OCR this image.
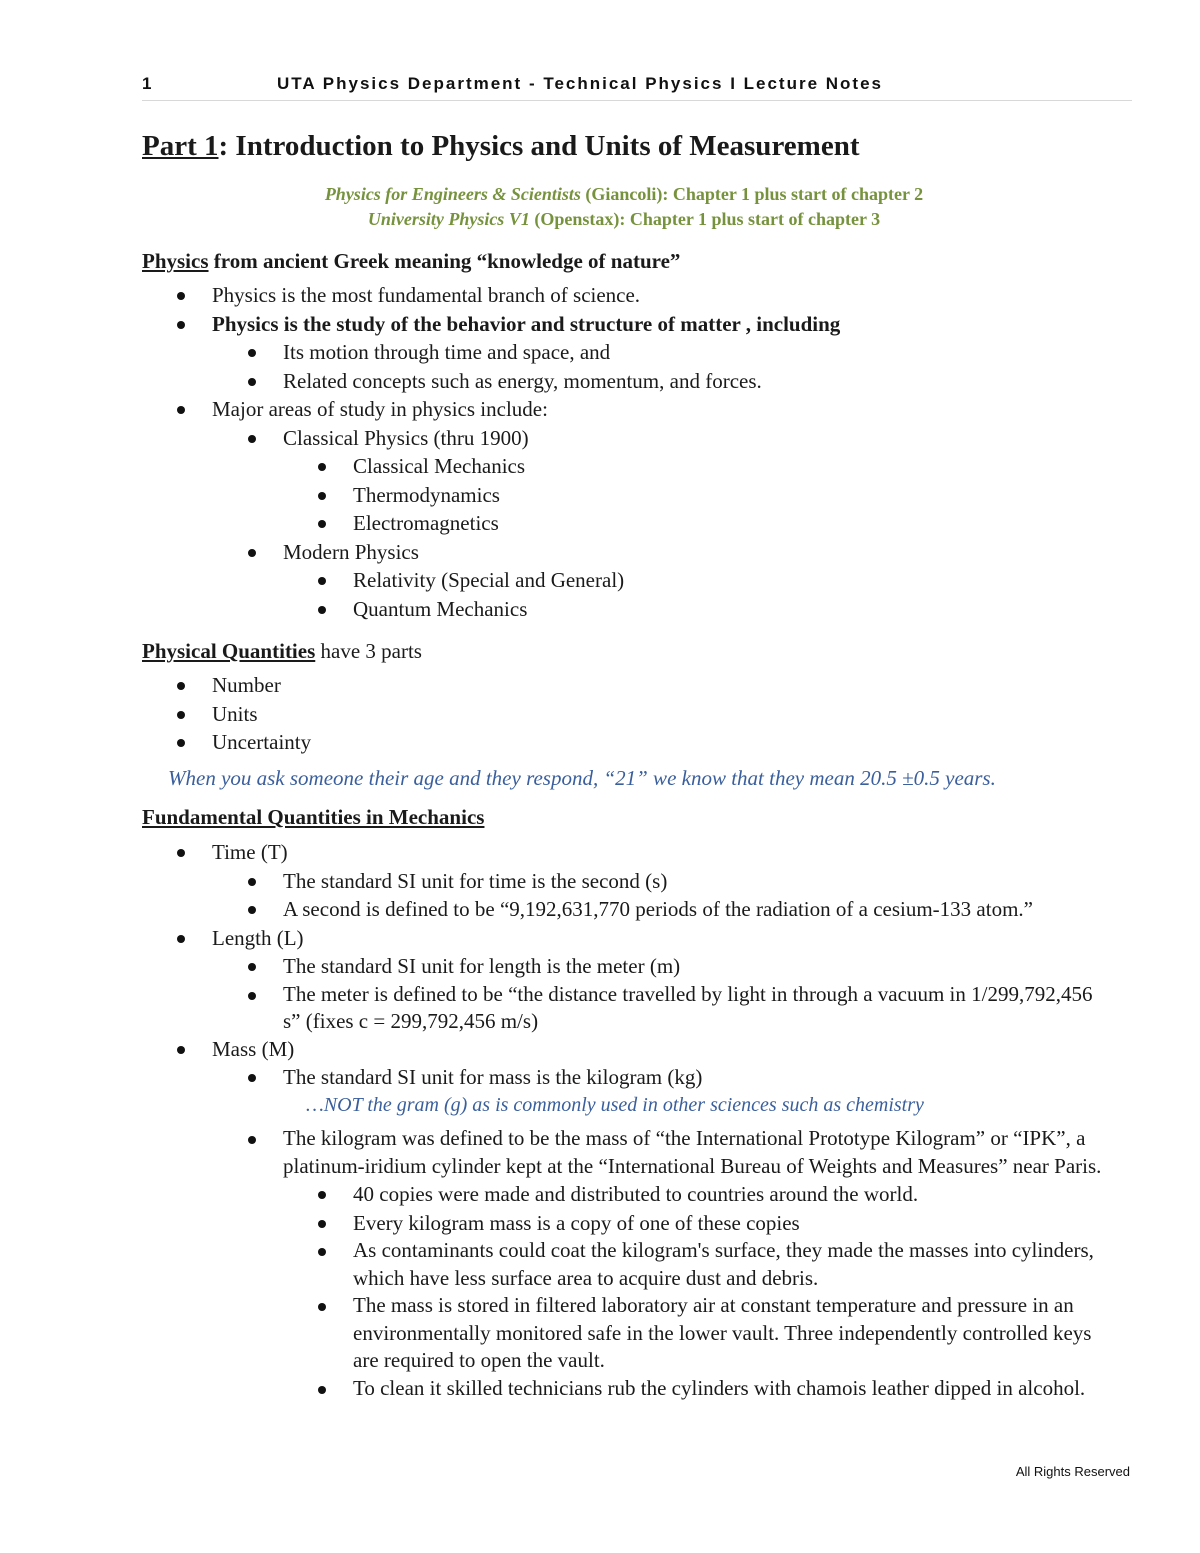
1	UTA Physics Department - Technical Physics I Lecture Notes
Part 1: Introduction to Physics and Units of Measurement
Physics for Engineers & Scientists (Giancoli): Chapter 1 plus start of chapter 2
University Physics V1 (Openstax): Chapter 1 plus start of chapter 3

Physics from ancient Greek meaning “knowledge of nature”

Physics is the most fundamental branch of science.
Physics is the study of the behavior and structure of matter , including
Its motion through time and space, and
Related concepts such as energy, momentum, and forces.
Major areas of study in physics include:
Classical Physics (thru 1900)
Classical Mechanics
Thermodynamics
Electromagnetics
Modern Physics
Relativity (Special and General)
Quantum Mechanics

Physical Quantities have 3 parts

Number
Units
Uncertainty
When you ask someone their age and they respond, “21” we know that they mean 20.5 ±0.5 years.

Fundamental Quantities in Mechanics

Time (T)
The standard SI unit for time is the second (s)
A second is defined to be “9,192,631,770 periods of the radiation of a cesium-133 atom.”
Length (L)
The standard SI unit for length is the meter (m)
The meter is defined to be “the distance travelled by light in through a vacuum in 1/299,792,456 s” (fixes c = 299,792,456 m/s)
Mass (M)
The standard SI unit for mass is the kilogram (kg)
…NOT the gram (g) as is commonly used in other sciences such as chemistry
The kilogram was defined to be the mass of “the International Prototype Kilogram” or “IPK”, a platinum-iridium cylinder kept at the “International Bureau of Weights and Measures” near Paris.
40 copies were made and distributed to countries around the world.
Every kilogram mass is a copy of one of these copies
As contaminants could coat the kilogram's surface, they made the masses into cylinders, which have less surface area to acquire dust and debris.
The mass is stored in filtered laboratory air at constant temperature and pressure in an environmentally monitored safe in the lower vault. Three independently controlled keys are required to open the vault.
To clean it skilled technicians rub the cylinders with chamois leather dipped in alcohol.
All Rights Reserved
